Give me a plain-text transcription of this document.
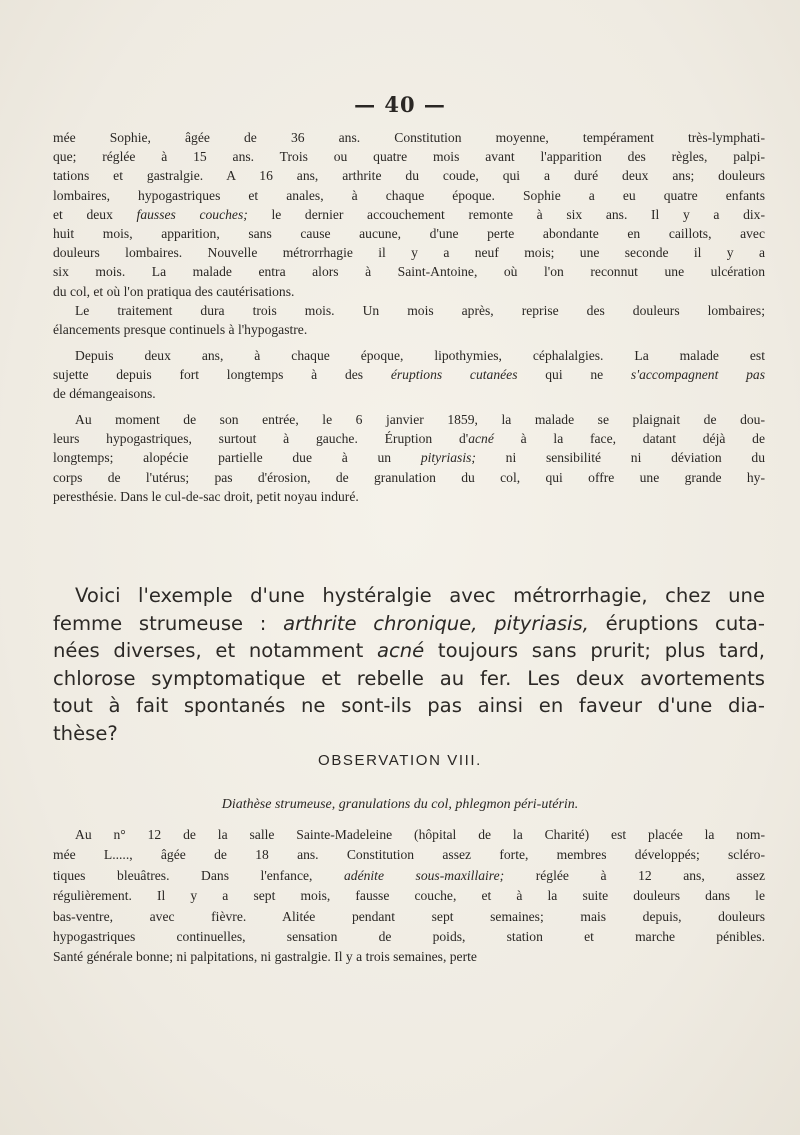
— 40 —
mée Sophie, âgée de 36 ans. Constitution moyenne, tempérament très-lymphati-
que; réglée à 15 ans. Trois ou quatre mois avant l'apparition des règles, palpi-
tations et gastralgie. A 16 ans, arthrite du coude, qui a duré deux ans; douleurs
lombaires, hypogastriques et anales, à chaque époque. Sophie a eu quatre enfants
et deux fausses couches; le dernier accouchement remonte à six ans. Il y a dix-
huit mois, apparition, sans cause aucune, d'une perte abondante en caillots, avec
douleurs lombaires. Nouvelle métrorrhagie il y a neuf mois; une seconde il y a
six mois. La malade entra alors à Saint-Antoine, où l'on reconnut une ulcération
du col, et où l'on pratiqua des cautérisations.
Le traitement dura trois mois. Un mois après, reprise des douleurs lombaires;
élancements presque continuels à l'hypogastre.
Depuis deux ans, à chaque époque, lipothymies, céphalalgies. La malade est
sujette depuis fort longtemps à des éruptions cutanées qui ne s'accompagnent pas
de démangeaisons.
Au moment de son entrée, le 6 janvier 1859, la malade se plaignait de dou-
leurs hypogastriques, surtout à gauche. Éruption d'acné à la face, datant déjà de
longtemps; alopécie partielle due à un pityriasis; ni sensibilité ni déviation du
corps de l'utérus; pas d'érosion, de granulation du col, qui offre une grande hy-
peresthésie. Dans le cul-de-sac droit, petit noyau induré.
Voici l'exemple d'une hystéralgie avec métrorrhagie, chez une
femme strumeuse : arthrite chronique, pityriasis, éruptions cuta-
nées diverses, et notamment acné toujours sans prurit; plus tard,
chlorose symptomatique et rebelle au fer. Les deux avortements
tout à fait spontanés ne sont-ils pas ainsi en faveur d'une dia-
thèse?
OBSERVATION VIII.
Diathèse strumeuse, granulations du col, phlegmon péri-utérin.
Au n° 12 de la salle Sainte-Madeleine (hôpital de la Charité) est placée la nom-
mée L....., âgée de 18 ans. Constitution assez forte, membres développés; scléro-
tiques bleuâtres. Dans l'enfance, adénite sous-maxillaire; réglée à 12 ans, assez
régulièrement. Il y a sept mois, fausse couche, et à la suite douleurs dans le
bas-ventre, avec fièvre. Alitée pendant sept semaines; mais depuis, douleurs
hypogastriques continuelles, sensation de poids, station et marche pénibles.
Santé générale bonne; ni palpitations, ni gastralgie. Il y a trois semaines, perte
